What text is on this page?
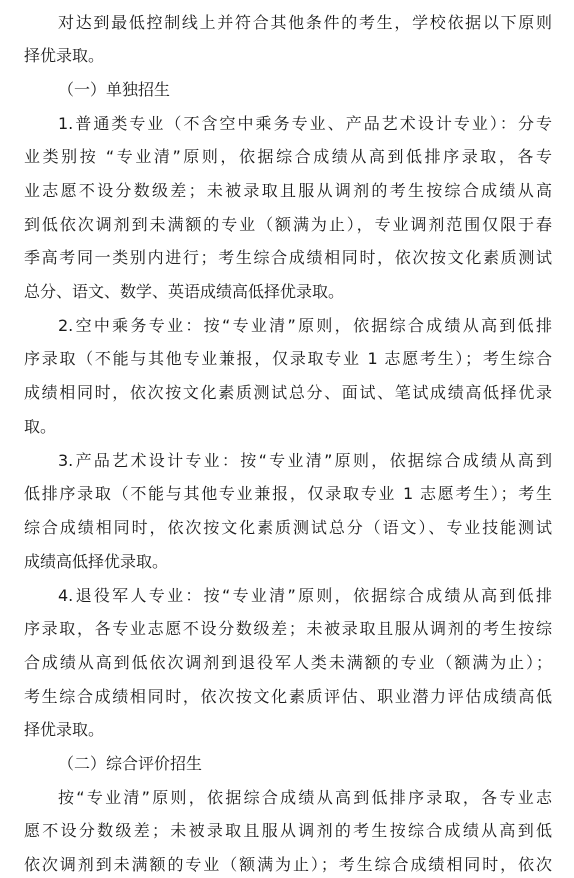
对达到最低控制线上并符合其他条件的考生，学校依据以下原则
择优录取。
（一）单独招生
1.普通类专业（不含空中乘务专业、产品艺术设计专业）：分专
业类别按 “专业清”原则，依据综合成绩从高到低排序录取，各专
业志愿不设分数级差；未被录取且服从调剂的考生按综合成绩从高
到低依次调剂到未满额的专业（额满为止），专业调剂范围仅限于春
季高考同一类别内进行；考生综合成绩相同时，依次按文化素质测试
总分、语文、数学、英语成绩高低择优录取。
2.空中乘务专业：按“专业清”原则，依据综合成绩从高到低排
序录取（不能与其他专业兼报，仅录取专业 1 志愿考生）；考生综合
成绩相同时，依次按文化素质测试总分、面试、笔试成绩高低择优录
取。
3.产品艺术设计专业：按“专业清”原则，依据综合成绩从高到
低排序录取（不能与其他专业兼报，仅录取专业 1 志愿考生）；考生
综合成绩相同时，依次按文化素质测试总分（语文）、专业技能测试
成绩高低择优录取。
4.退役军人专业：按“专业清”原则，依据综合成绩从高到低排
序录取，各专业志愿不设分数级差；未被录取且服从调剂的考生按综
合成绩从高到低依次调剂到退役军人类未满额的专业（额满为止）；
考生综合成绩相同时，依次按文化素质评估、职业潜力评估成绩高低
择优录取。
（二）综合评价招生
按“专业清”原则，依据综合成绩从高到低排序录取，各专业志
愿不设分数级差；未被录取且服从调剂的考生按综合成绩从高到低
依次调剂到未满额的专业（额满为止）；考生综合成绩相同时，依次
